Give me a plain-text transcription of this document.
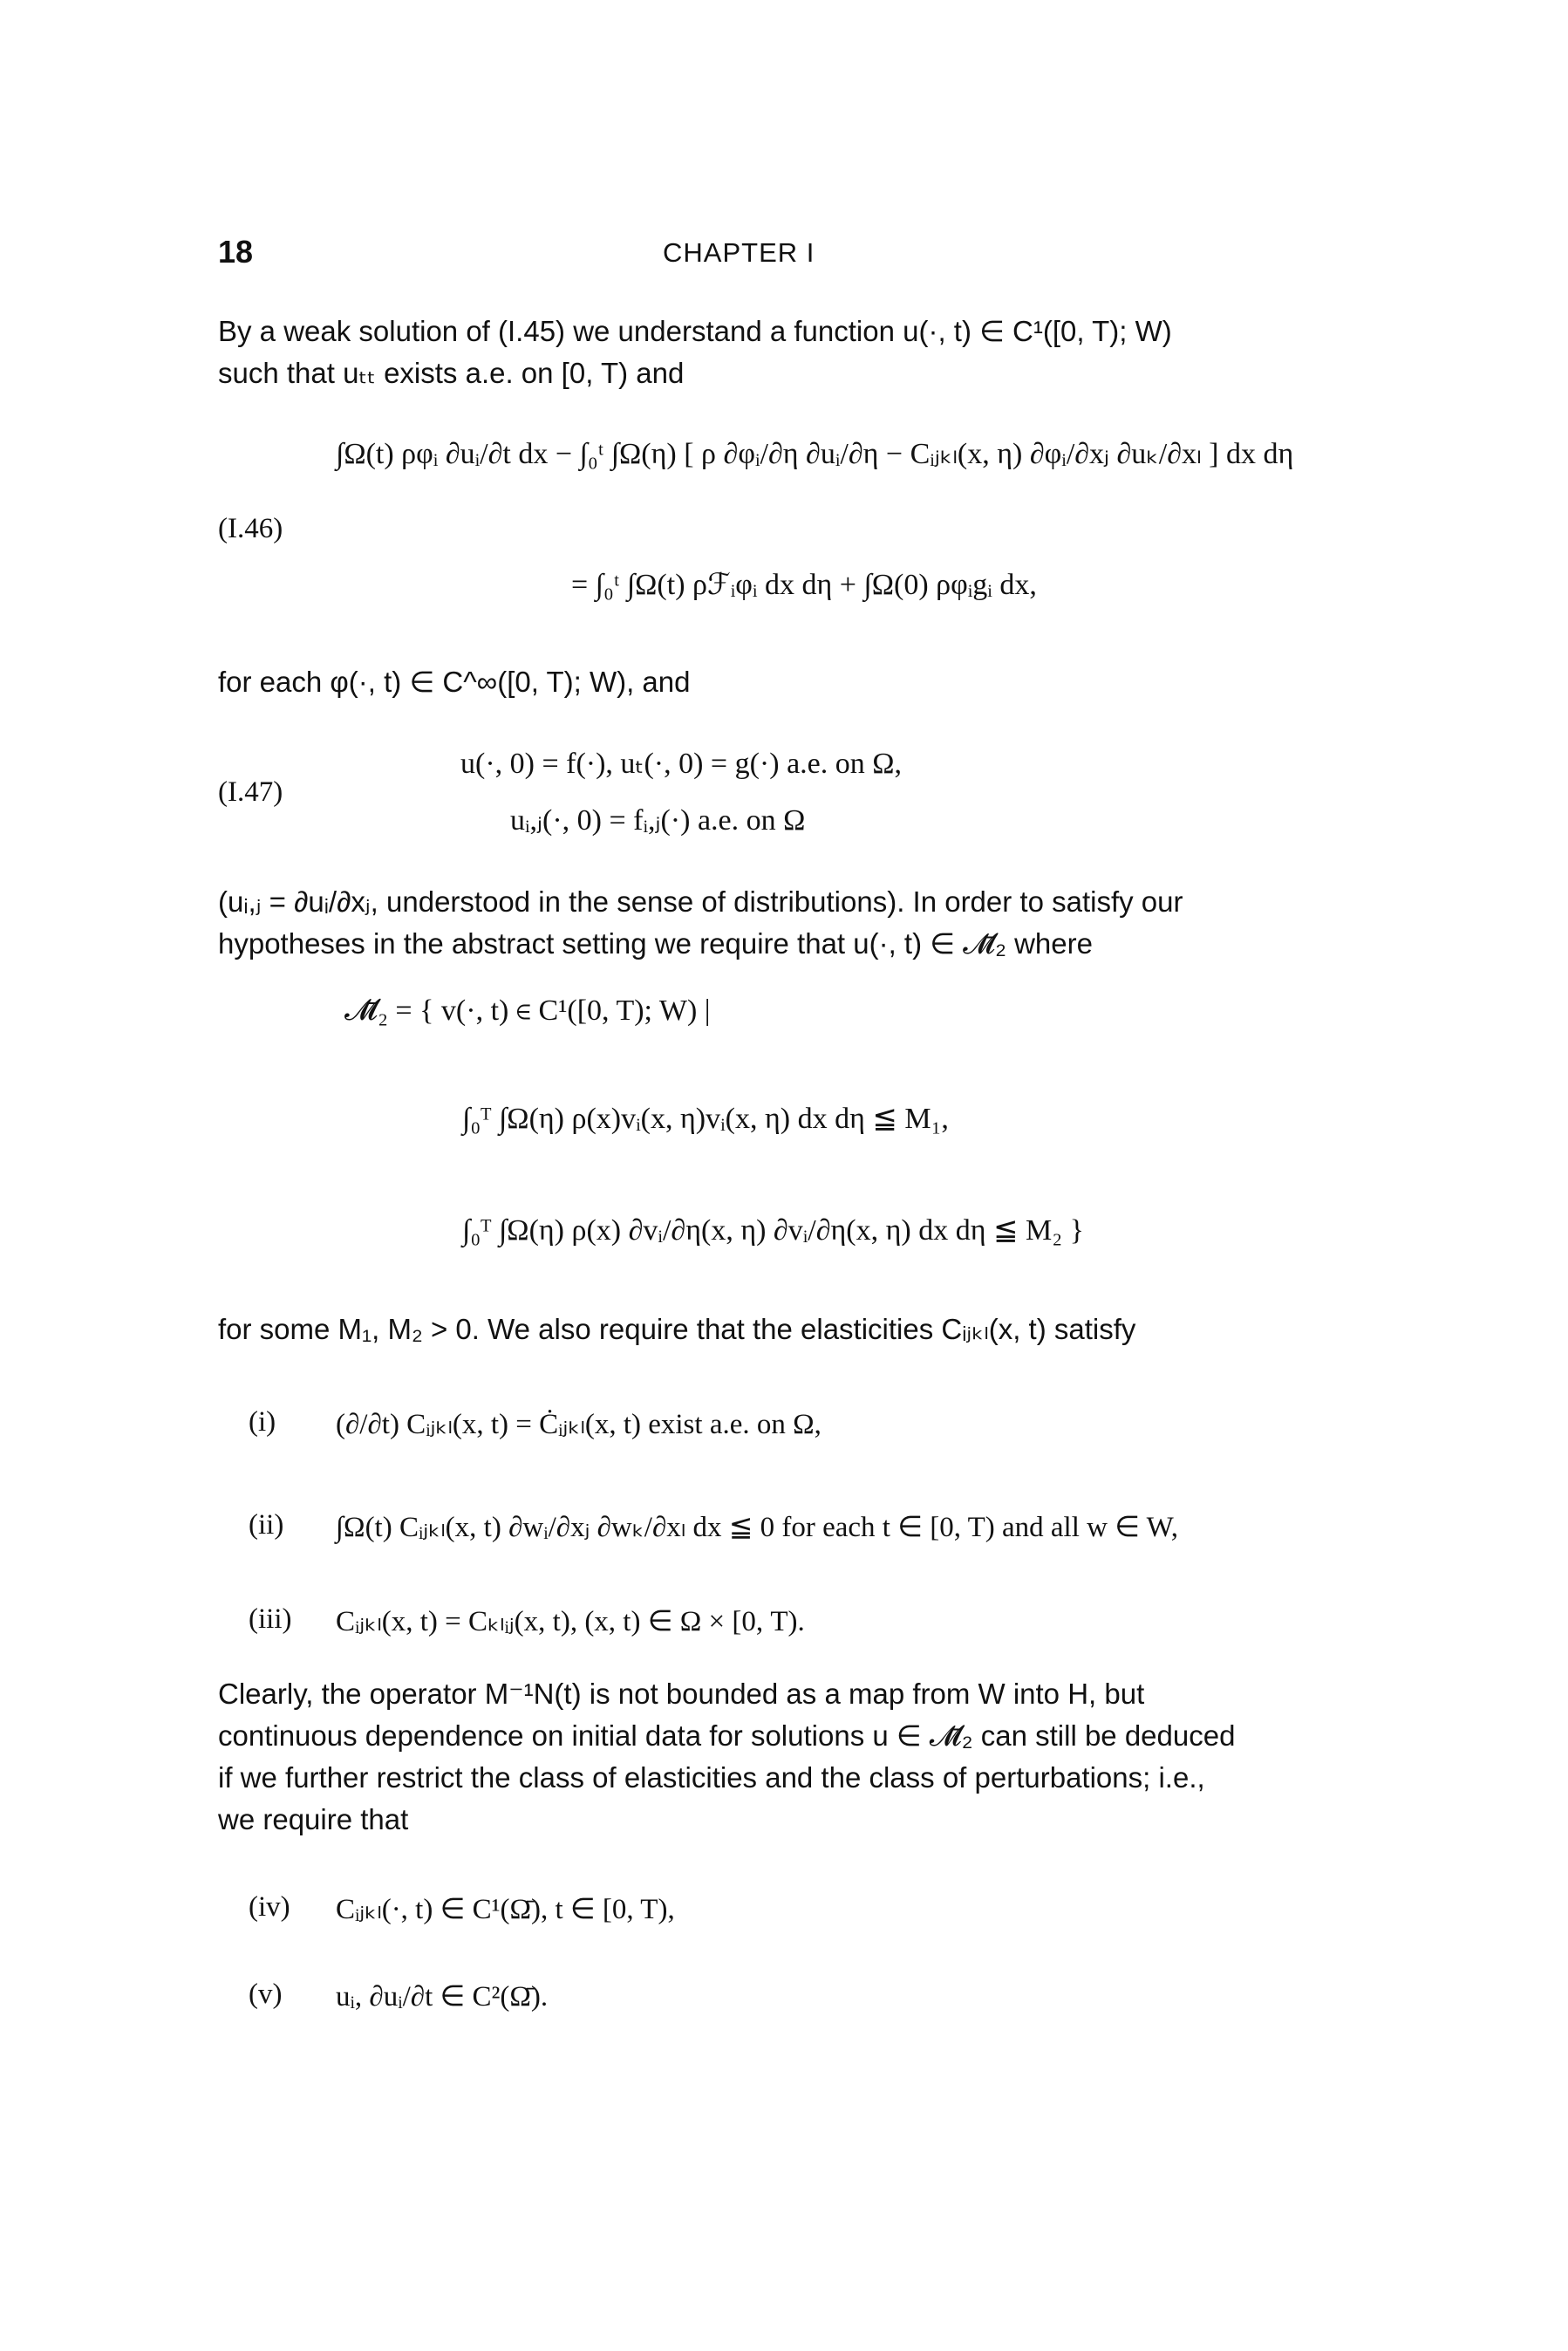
18	CHAPTER I
By a weak solution of (I.45) we understand a function u(·, t) ∈ C¹([0, T); W)
such that uₜₜ exists a.e. on [0, T) and
(I.46)
∫Ω(t) ρφᵢ ∂uᵢ/∂t dx − ∫₀ᵗ ∫Ω(η) [ ρ ∂φᵢ/∂η ∂uᵢ/∂η − Cᵢⱼₖₗ(x, η) ∂φᵢ/∂xⱼ ∂uₖ/∂xₗ ] dx dη
= ∫₀ᵗ ∫Ω(t) ρℱᵢφᵢ dx dη + ∫Ω(0) ρφᵢgᵢ dx,
for each φ(·, t) ∈ C^∞([0, T); W), and
(I.47)
u(·, 0) = f(·), uₜ(·, 0) = g(·) a.e. on Ω,
uᵢ,ⱼ(·, 0) = fᵢ,ⱼ(·) a.e. on Ω
(uᵢ,ⱼ = ∂uᵢ/∂xⱼ, understood in the sense of distributions). In order to satisfy our
hypotheses in the abstract setting we require that u(·, t) ∈ 𝓜̄₂ where
𝓜̄₂ = { v(·, t) ∈ C¹([0, T); W) |
∫₀ᵀ ∫Ω(η) ρ(x)vᵢ(x, η)vᵢ(x, η) dx dη ≦ M₁,
∫₀ᵀ ∫Ω(η) ρ(x) ∂vᵢ/∂η(x, η) ∂vᵢ/∂η(x, η) dx dη ≦ M₂ }
for some M₁, M₂ > 0. We also require that the elasticities Cᵢⱼₖₗ(x, t) satisfy
(i) (∂/∂t) Cᵢⱼₖₗ(x, t) = Ċᵢⱼₖₗ(x, t) exist a.e. on Ω,
(ii) ∫Ω(t) Cᵢⱼₖₗ(x, t) ∂wᵢ/∂xⱼ ∂wₖ/∂xₗ dx ≦ 0 for each t ∈ [0, T) and all w ∈ W,
(iii) Cᵢⱼₖₗ(x, t) = Cₖₗᵢⱼ(x, t), (x, t) ∈ Ω × [0, T).
Clearly, the operator M⁻¹N(t) is not bounded as a map from W into H, but
continuous dependence on initial data for solutions u ∈ 𝓜̄₂ can still be deduced
if we further restrict the class of elasticities and the class of perturbations; i.e.,
we require that
(iv) Cᵢⱼₖₗ(·, t) ∈ C¹(Ω̄), t ∈ [0, T),
(v) uᵢ, ∂uᵢ/∂t ∈ C²(Ω̄).
